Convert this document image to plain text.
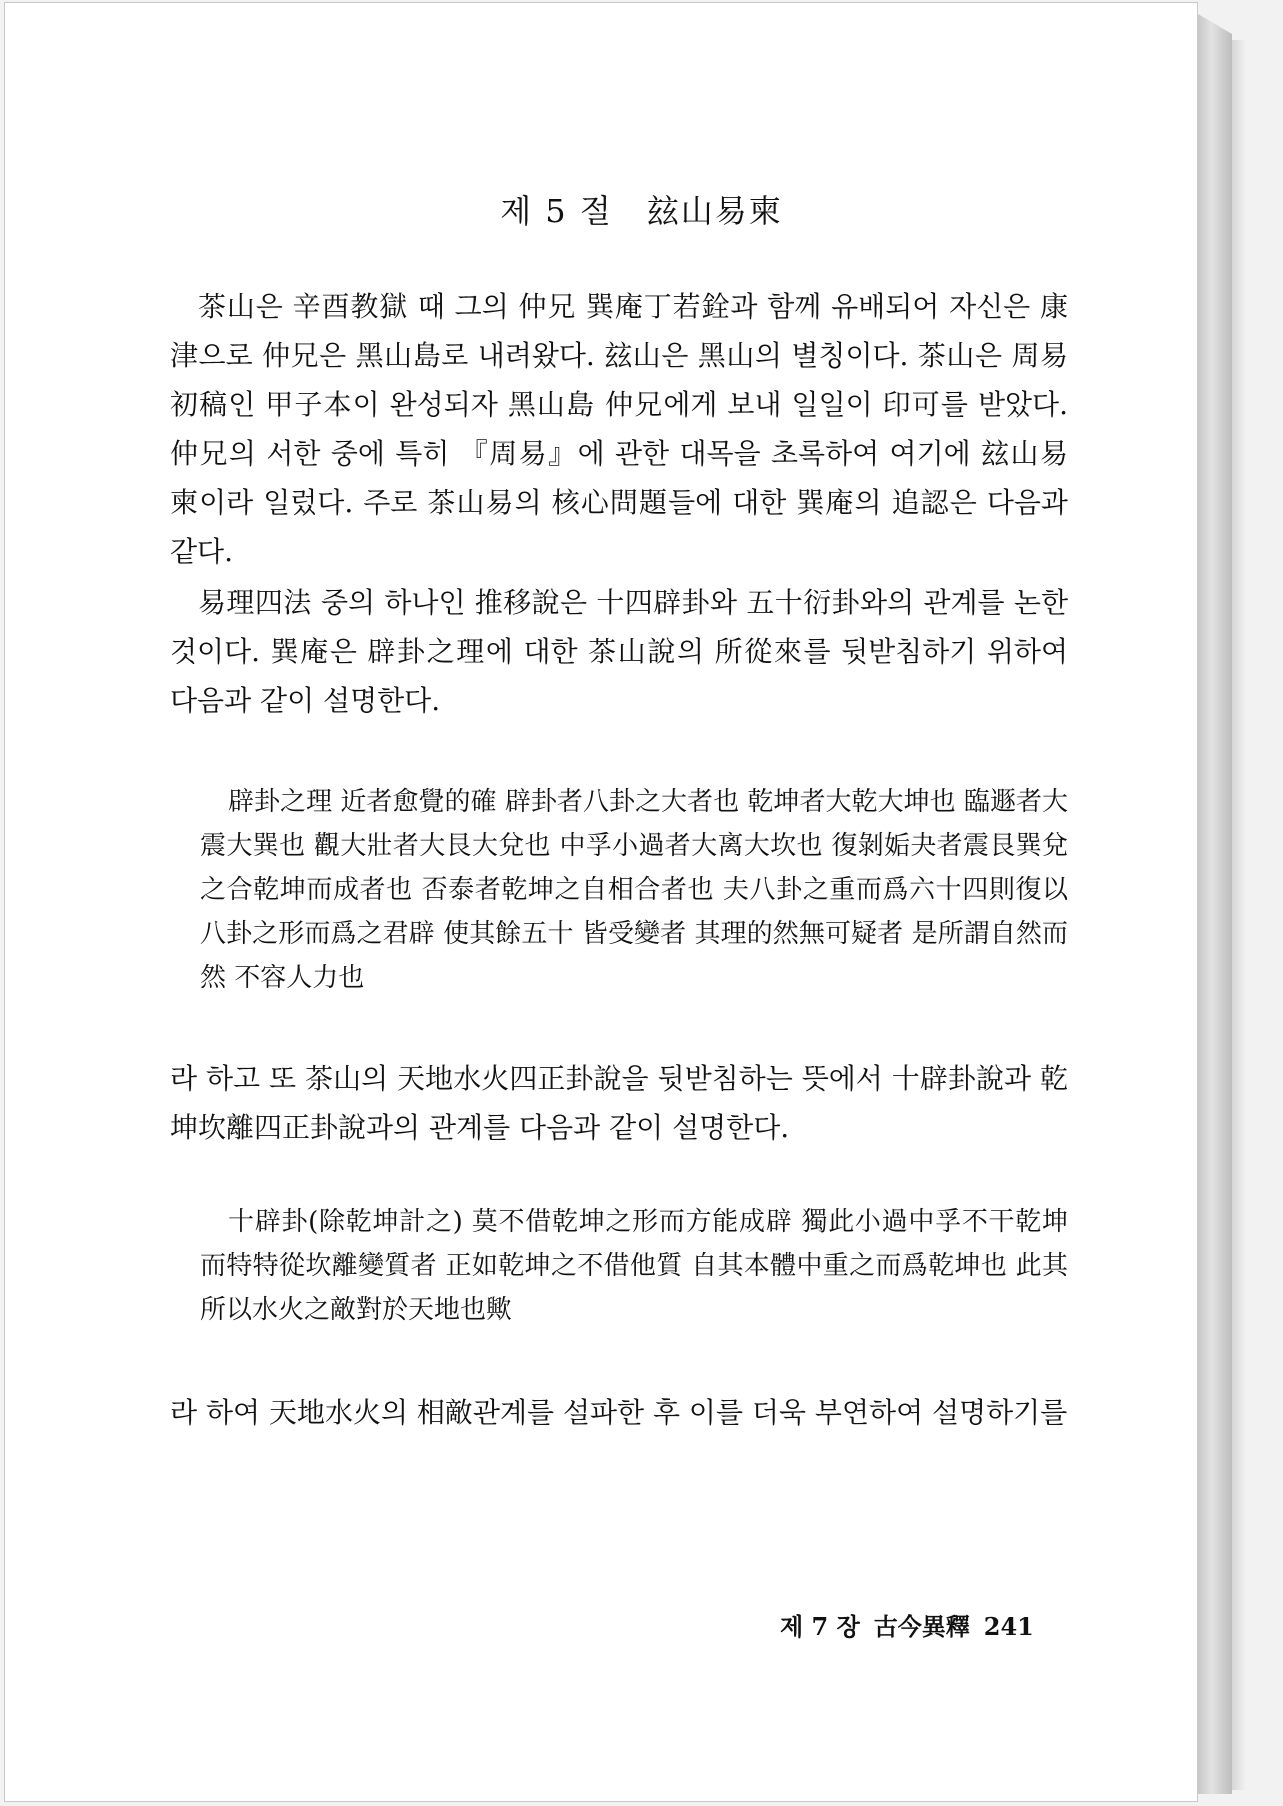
제 5 절 玆山易柬

茶山은 辛酉教獄 때 그의 仲兄 巽庵丁若銓과 함께 유배되어 자신은 康津으로 仲兄은 黑山島로 내려왔다. 玆山은 黑山의 별칭이다. 茶山은 周易初稿인 甲子本이 완성되자 黑山島 仲兄에게 보내 일일이 印可를 받았다. 仲兄의 서한 중에 특히 『周易』에 관한 대목을 초록하여 여기에 玆山易柬이라 일렀다. 주로 茶山易의 核心問題들에 대한 巽庵의 追認은 다음과 같다.

易理四法 중의 하나인 推移說은 十四辟卦와 五十衍卦와의 관계를 논한 것이다. 巽庵은 辟卦之理에 대한 茶山說의 所從來를 뒷받침하기 위하여 다음과 같이 설명한다.

辟卦之理 近者愈覺的確 辟卦者八卦之大者也 乾坤者大乾大坤也 臨遯者大震大巽也 觀大壯者大艮大兌也 中孚小過者大离大坎也 復剝姤夬者震艮巽兌之合乾坤而成者也 否泰者乾坤之自相合者也 夫八卦之重而爲六十四則復以八卦之形而爲之君辟 使其餘五十 皆受變者 其理的然無可疑者 是所謂自然而然 不容人力也

라 하고 또 茶山의 天地水火四正卦說을 뒷받침하는 뜻에서 十辟卦說과 乾坤坎離四正卦說과의 관계를 다음과 같이 설명한다.

十辟卦(除乾坤計之) 莫不借乾坤之形而方能成辟 獨此小過中孚不干乾坤而特特從坎離變質者 正如乾坤之不借他質 自其本體中重之而爲乾坤也 此其所以水火之敵對於天地也歟

라 하여 天地水火의 相敵관계를 설파한 후 이를 더욱 부연하여 설명하기를

제 7 장 古今異釋 241
